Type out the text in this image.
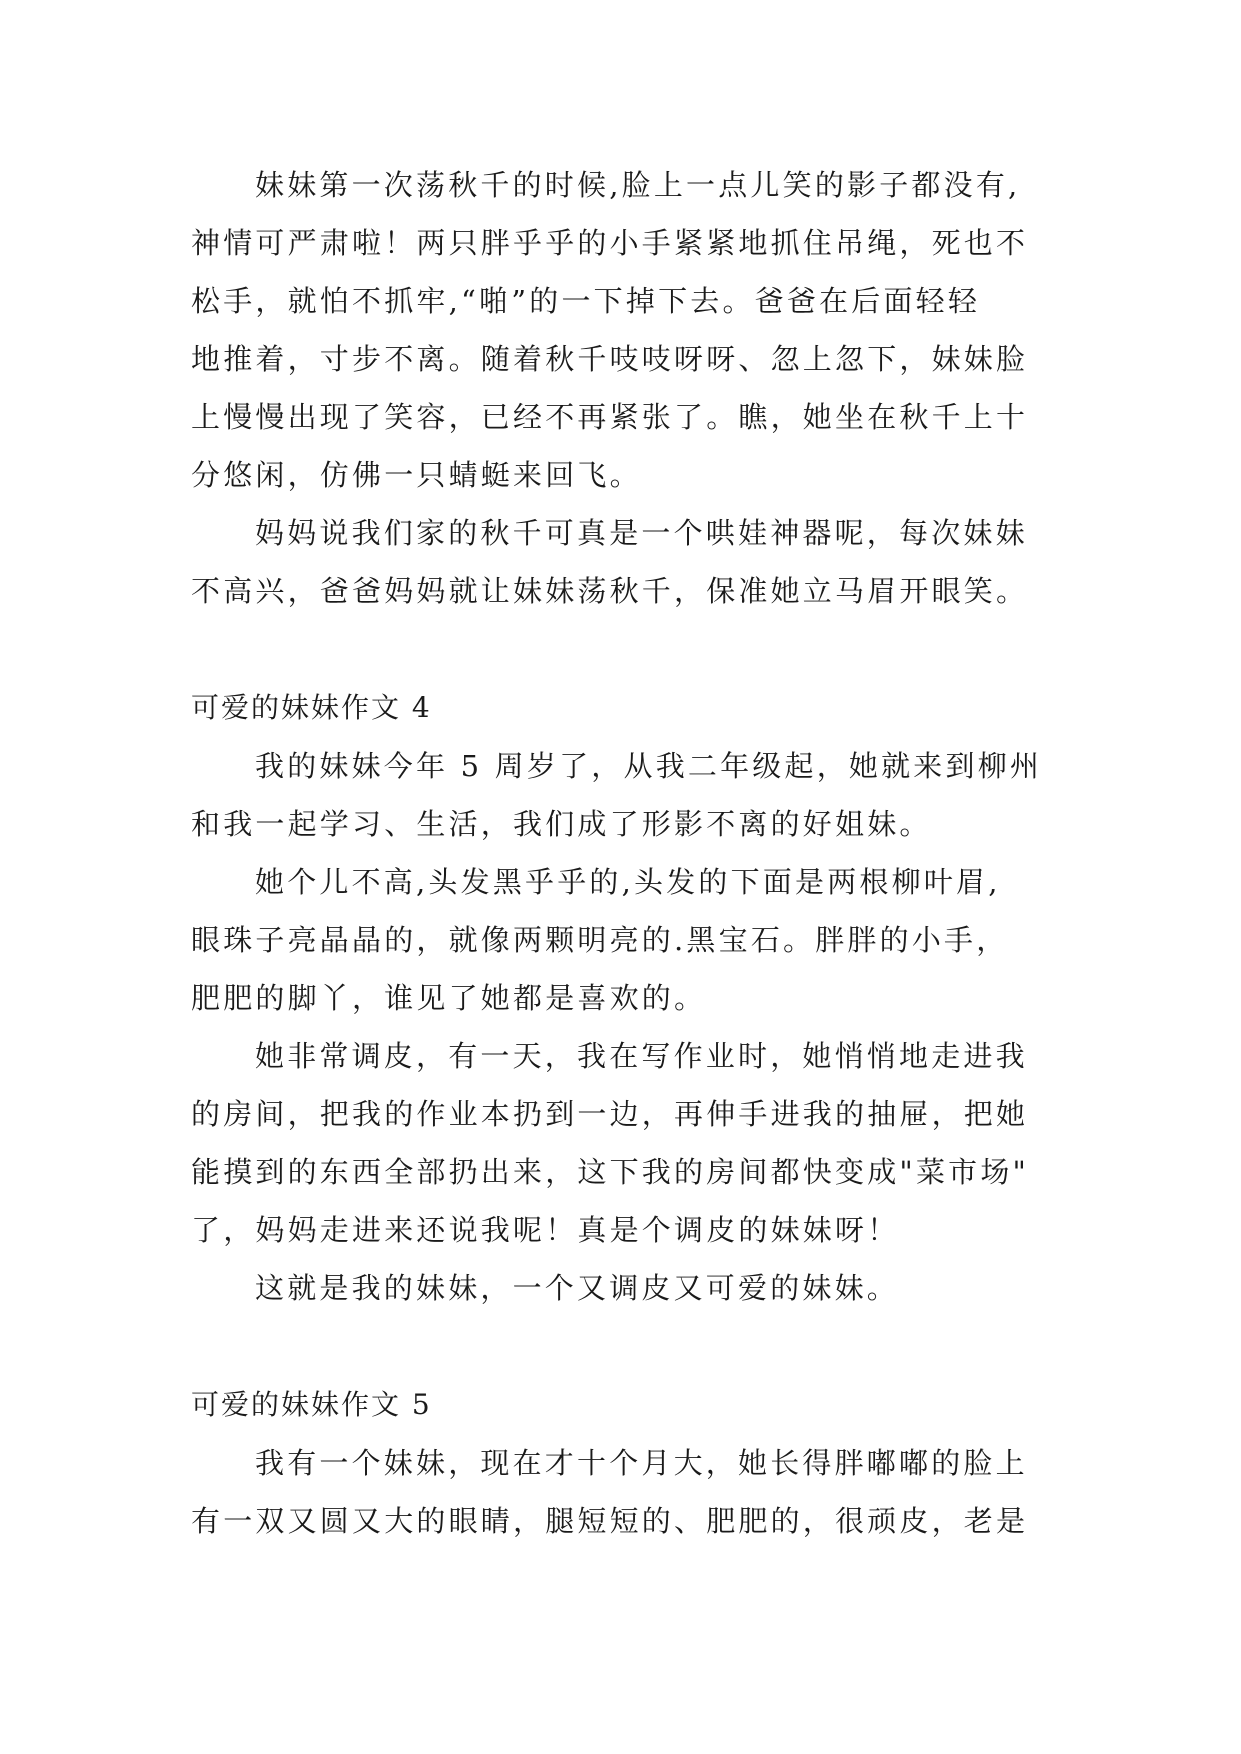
妹妹第一次荡秋千的时候,脸上一点儿笑的影子都没有,
神情可严肃啦！两只胖乎乎的小手紧紧地抓住吊绳，死也不
松手，就怕不抓牢,“啪”的一下掉下去。爸爸在后面轻轻
地推着，寸步不离。随着秋千吱吱呀呀、忽上忽下，妹妹脸
上慢慢出现了笑容，已经不再紧张了。瞧，她坐在秋千上十
分悠闲，仿佛一只蜻蜓来回飞。
妈妈说我们家的秋千可真是一个哄娃神器呢，每次妹妹
不高兴，爸爸妈妈就让妹妹荡秋千，保准她立马眉开眼笑。
可爱的妹妹作文 4
我的妹妹今年 5 周岁了，从我二年级起，她就来到柳州
和我一起学习、生活，我们成了形影不离的好姐妹。
她个儿不高,头发黑乎乎的,头发的下面是两根柳叶眉,
眼珠子亮晶晶的，就像两颗明亮的.黑宝石。胖胖的小手，
肥肥的脚丫，谁见了她都是喜欢的。
她非常调皮，有一天，我在写作业时，她悄悄地走进我
的房间，把我的作业本扔到一边，再伸手进我的抽屉，把她
能摸到的东西全部扔出来，这下我的房间都快变成"菜市场"
了，妈妈走进来还说我呢！真是个调皮的妹妹呀！
这就是我的妹妹，一个又调皮又可爱的妹妹。
可爱的妹妹作文 5
我有一个妹妹，现在才十个月大，她长得胖嘟嘟的脸上
有一双又圆又大的眼睛，腿短短的、肥肥的，很顽皮，老是
